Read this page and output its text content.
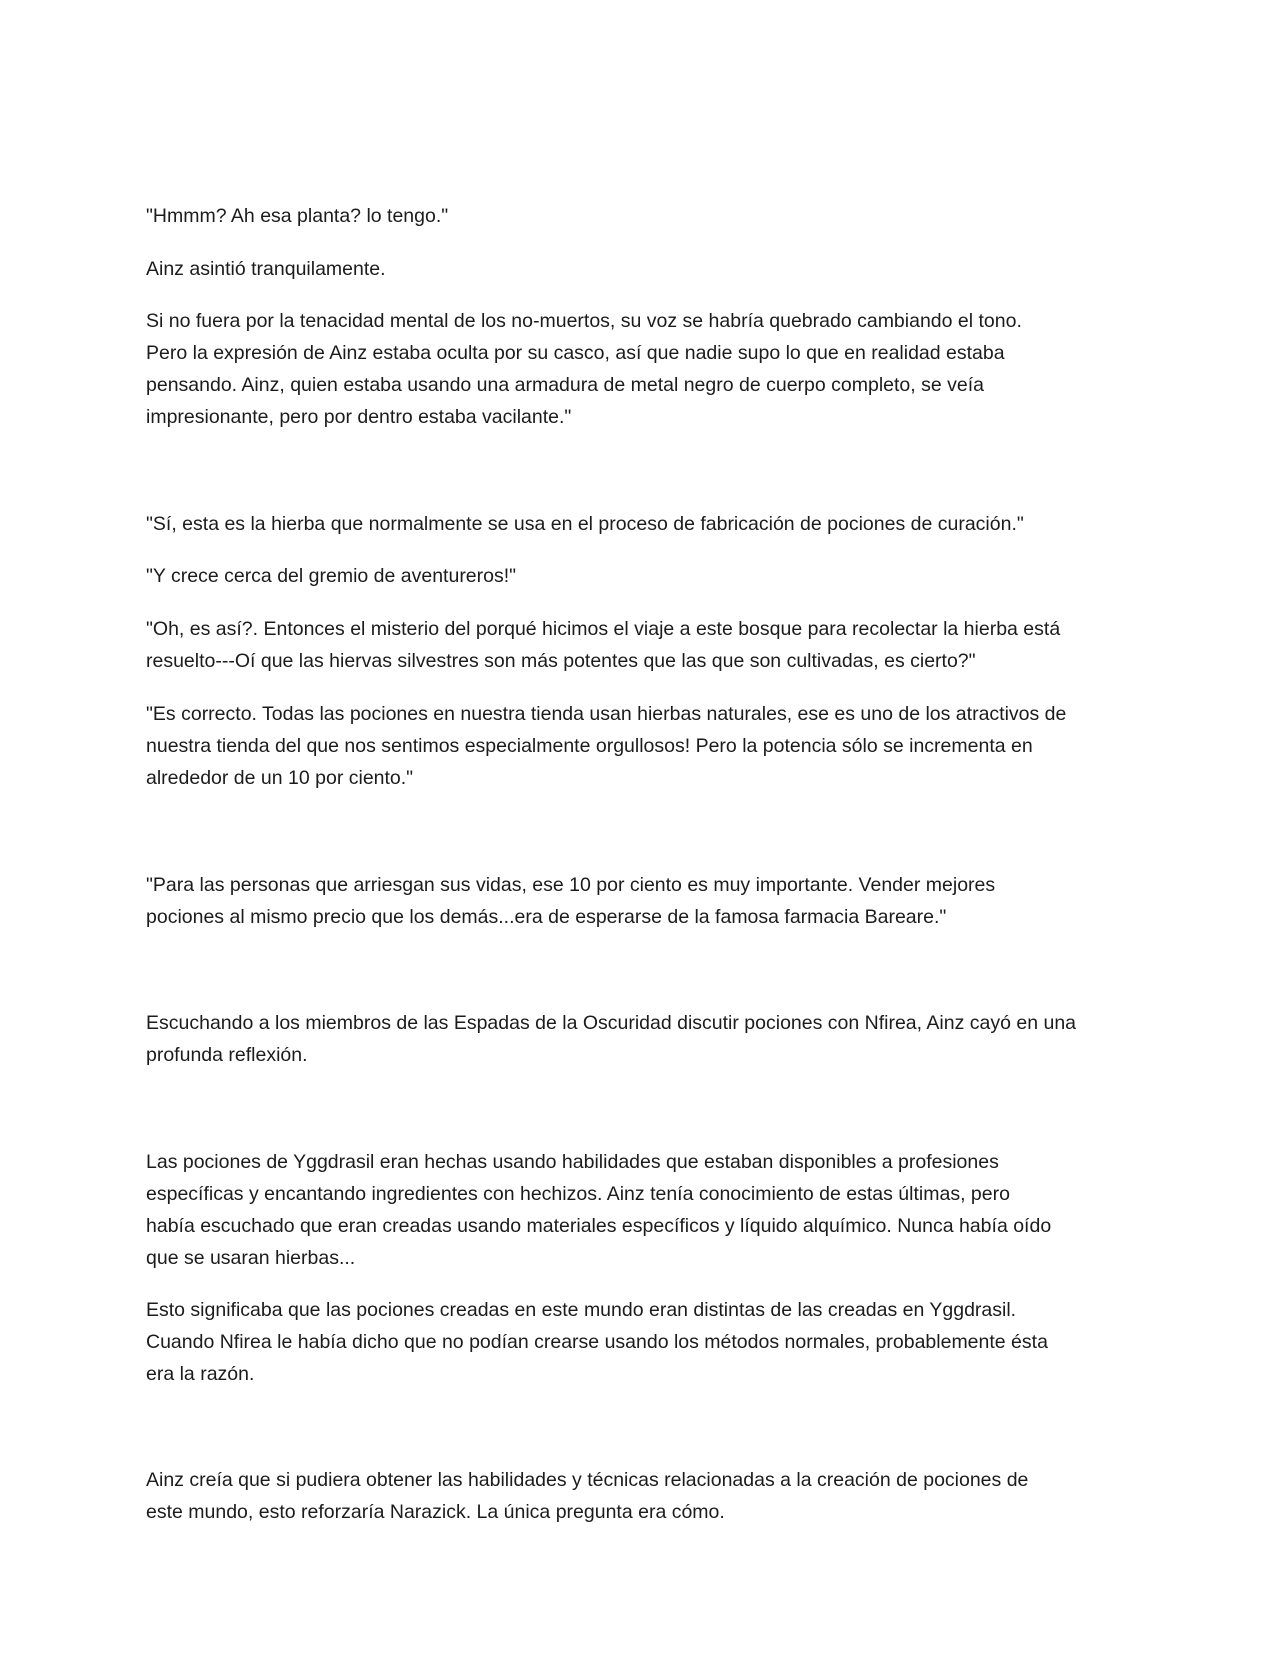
"Hmmm? Ah esa planta? lo tengo."

Ainz asintió tranquilamente.

Si no fuera por la tenacidad mental de los no-muertos, su voz se habría quebrado cambiando el tono.
Pero la expresión de Ainz estaba oculta por su casco, así que nadie supo lo que en realidad estaba
pensando. Ainz, quien estaba usando una armadura de metal negro de cuerpo completo, se veía
impresionante, pero por dentro estaba vacilante."

"Sí, esta es la hierba que normalmente se usa en el proceso de fabricación de pociones de curación."

"Y crece cerca del gremio de aventureros!"

"Oh, es así?. Entonces el misterio del porqué hicimos el viaje a este bosque para recolectar la hierba está
resuelto---Oí que las hiervas silvestres son más potentes que las que son cultivadas, es cierto?"

"Es correcto. Todas las pociones en nuestra tienda usan hierbas naturales, ese es uno de los atractivos de
nuestra tienda del que nos sentimos especialmente orgullosos! Pero la potencia sólo se incrementa en
alrededor de un 10 por ciento."

"Para las personas que arriesgan sus vidas, ese 10 por ciento es muy importante. Vender mejores
pociones al mismo precio que los demás...era de esperarse de la famosa farmacia Bareare."

Escuchando a los miembros de las Espadas de la Oscuridad discutir pociones con Nfirea, Ainz cayó en una
profunda reflexión.

Las pociones de Yggdrasil eran hechas usando habilidades que estaban disponibles a profesiones
específicas y encantando ingredientes con hechizos. Ainz tenía conocimiento de estas últimas, pero
había escuchado que eran creadas usando materiales específicos y líquido alquímico. Nunca había oído
que se usaran hierbas...

Esto significaba que las pociones creadas en este mundo eran distintas de las creadas en Yggdrasil.
Cuando Nfirea le había dicho que no podían crearse usando los métodos normales, probablemente ésta
era la razón.

Ainz creía que si pudiera obtener las habilidades y técnicas relacionadas a la creación de pociones de
este mundo, esto reforzaría Narazick. La única pregunta era cómo.
